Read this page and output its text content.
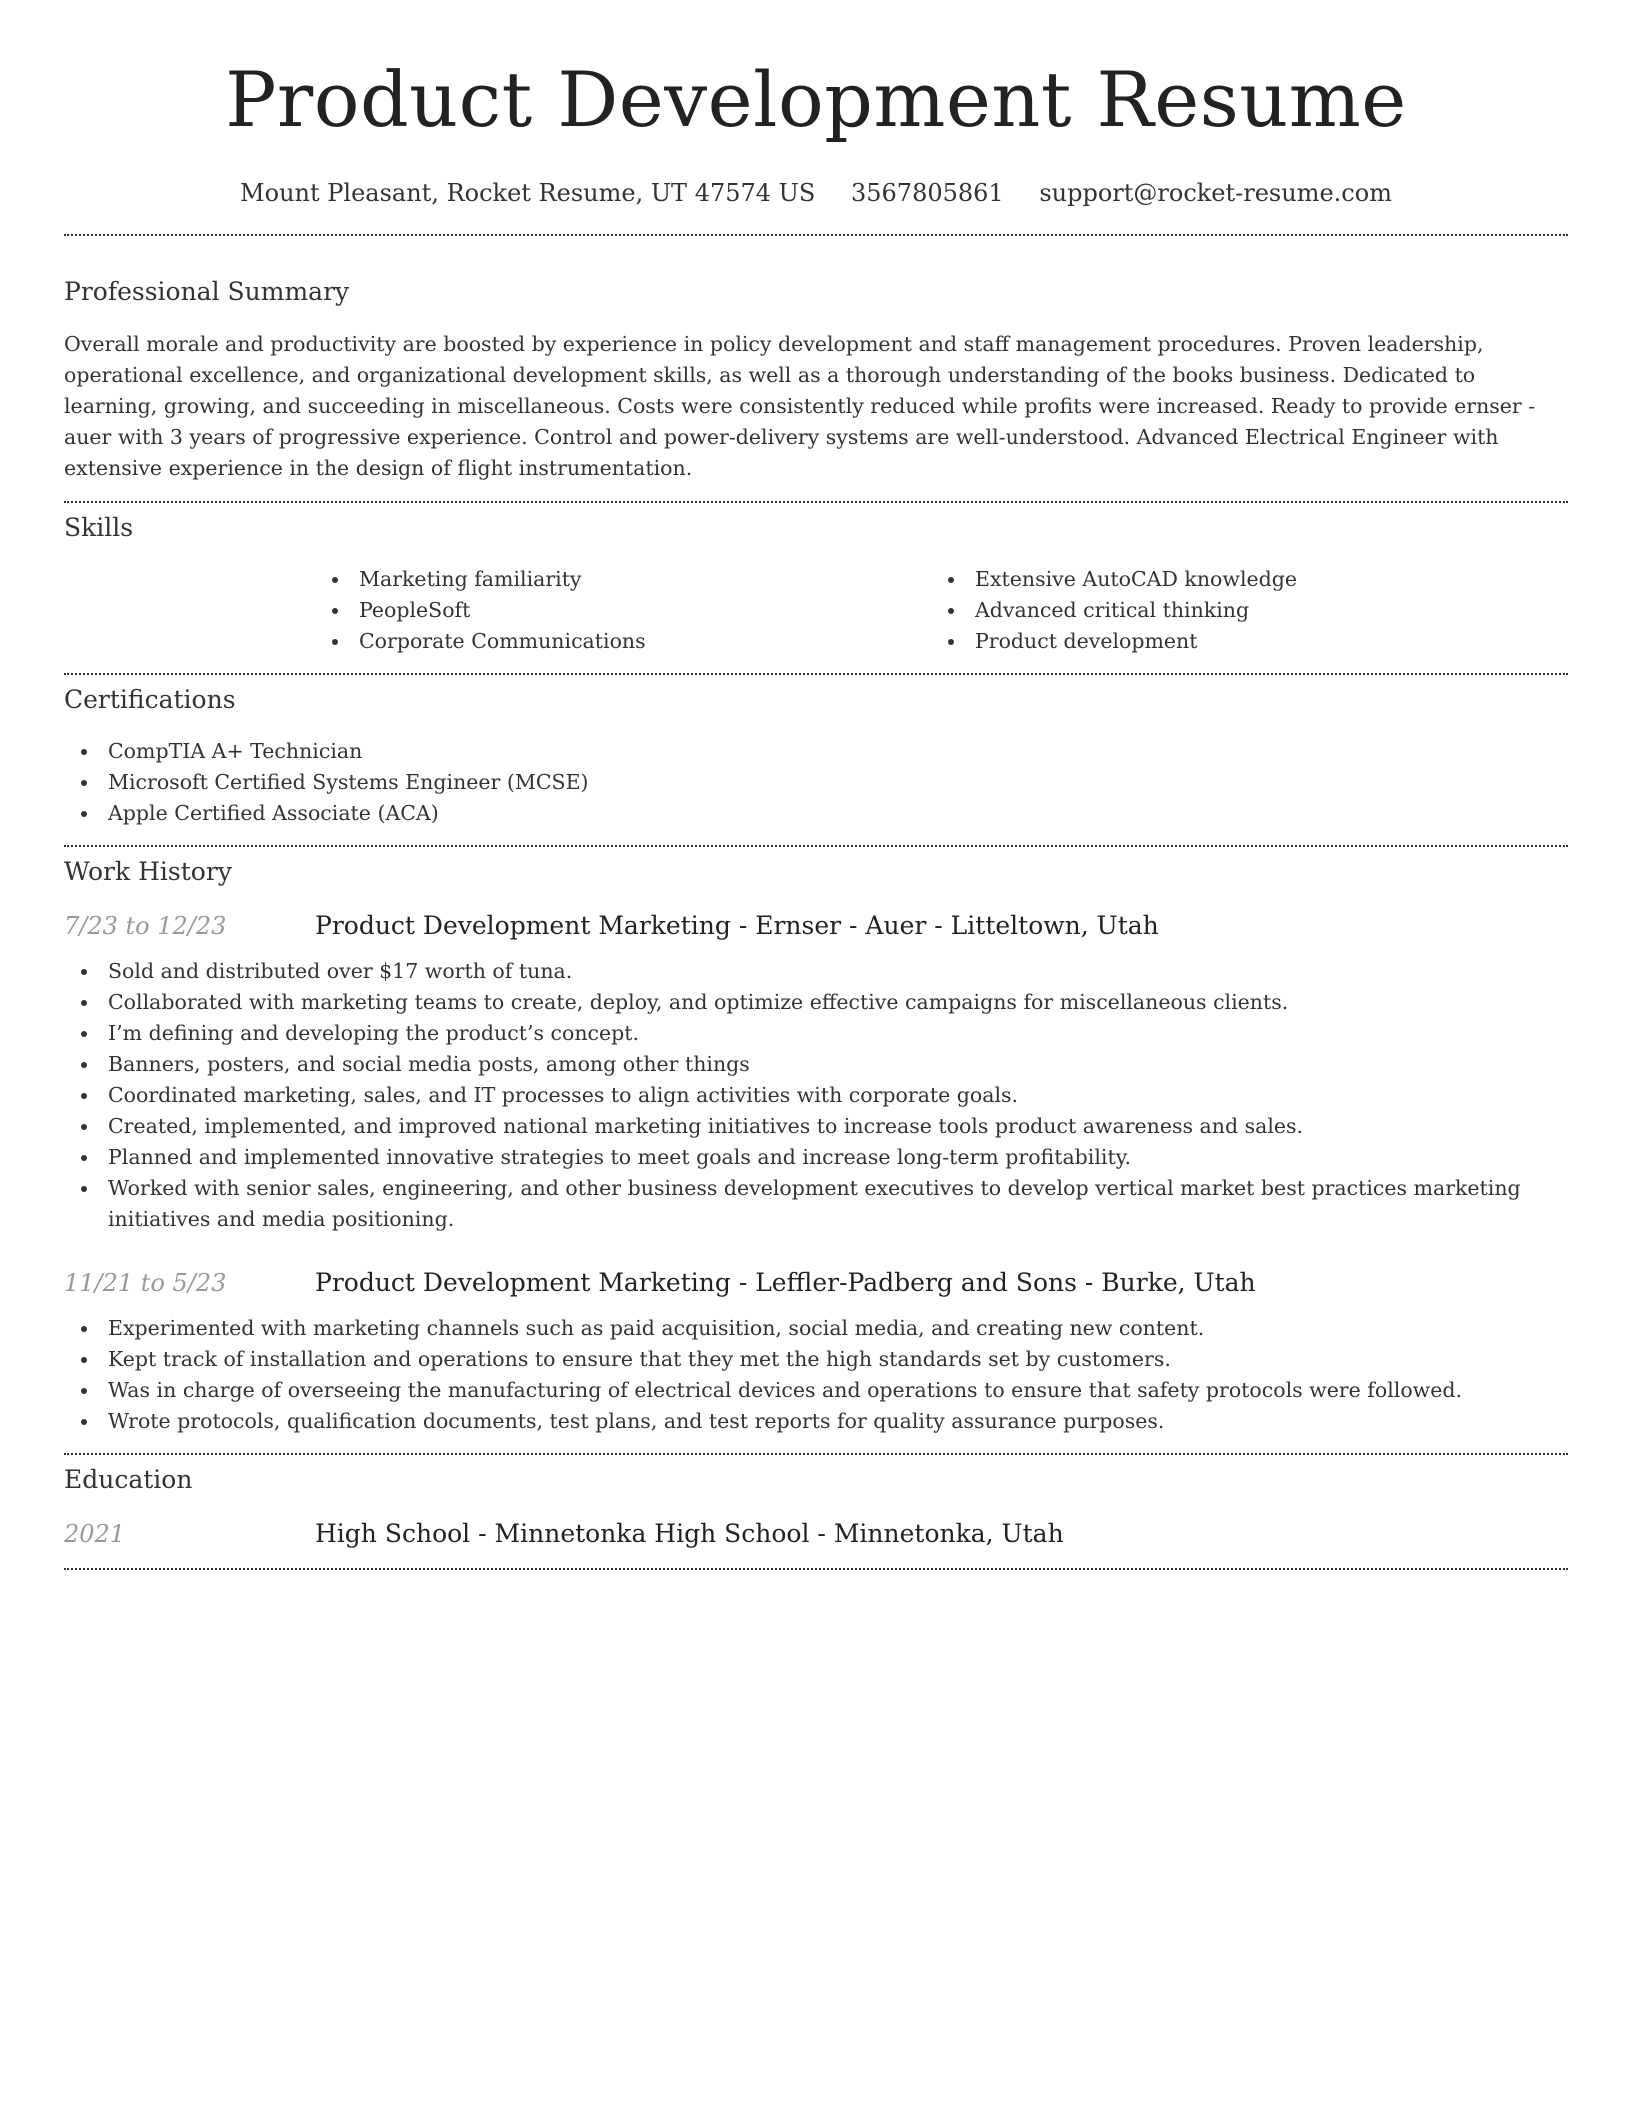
Product Development Resume
Mount Pleasant, Rocket Resume, UT 47574 US 3567805861 support@rocket-resume.com
Professional Summary

Overall morale and productivity are boosted by experience in policy development and staff management procedures. Proven leadership, operational excellence, and organizational development skills, as well as a thorough understanding of the books business. Dedicated to learning, growing, and succeeding in miscellaneous. Costs were consistently reduced while profits were increased. Ready to provide ernser - auer with 3 years of progressive experience. Control and power-delivery systems are well-understood. Advanced Electrical Engineer with extensive experience in the design of flight instrumentation.

Skills
Marketing familiarity
PeopleSoft
Corporate Communications
Extensive AutoCAD knowledge
Advanced critical thinking
Product development
Certifications
CompTIA A+ Technician
Microsoft Certified Systems Engineer (MCSE)
Apple Certified Associate (ACA)
Work History
7/23 to 12/23	Product Development Marketing - Ernser - Auer - Litteltown, Utah
Sold and distributed over $17 worth of tuna.
Collaborated with marketing teams to create, deploy, and optimize effective campaigns for miscellaneous clients.
I’m defining and developing the product’s concept.
Banners, posters, and social media posts, among other things
Coordinated marketing, sales, and IT processes to align activities with corporate goals.
Created, implemented, and improved national marketing initiatives to increase tools product awareness and sales.
Planned and implemented innovative strategies to meet goals and increase long-term profitability.
Worked with senior sales, engineering, and other business development executives to develop vertical market best practices marketing initiatives and media positioning.
11/21 to 5/23	Product Development Marketing - Leffler-Padberg and Sons - Burke, Utah
Experimented with marketing channels such as paid acquisition, social media, and creating new content.
Kept track of installation and operations to ensure that they met the high standards set by customers.
Was in charge of overseeing the manufacturing of electrical devices and operations to ensure that safety protocols were followed.
Wrote protocols, qualification documents, test plans, and test reports for quality assurance purposes.
Education
2021	High School - Minnetonka High School - Minnetonka, Utah
